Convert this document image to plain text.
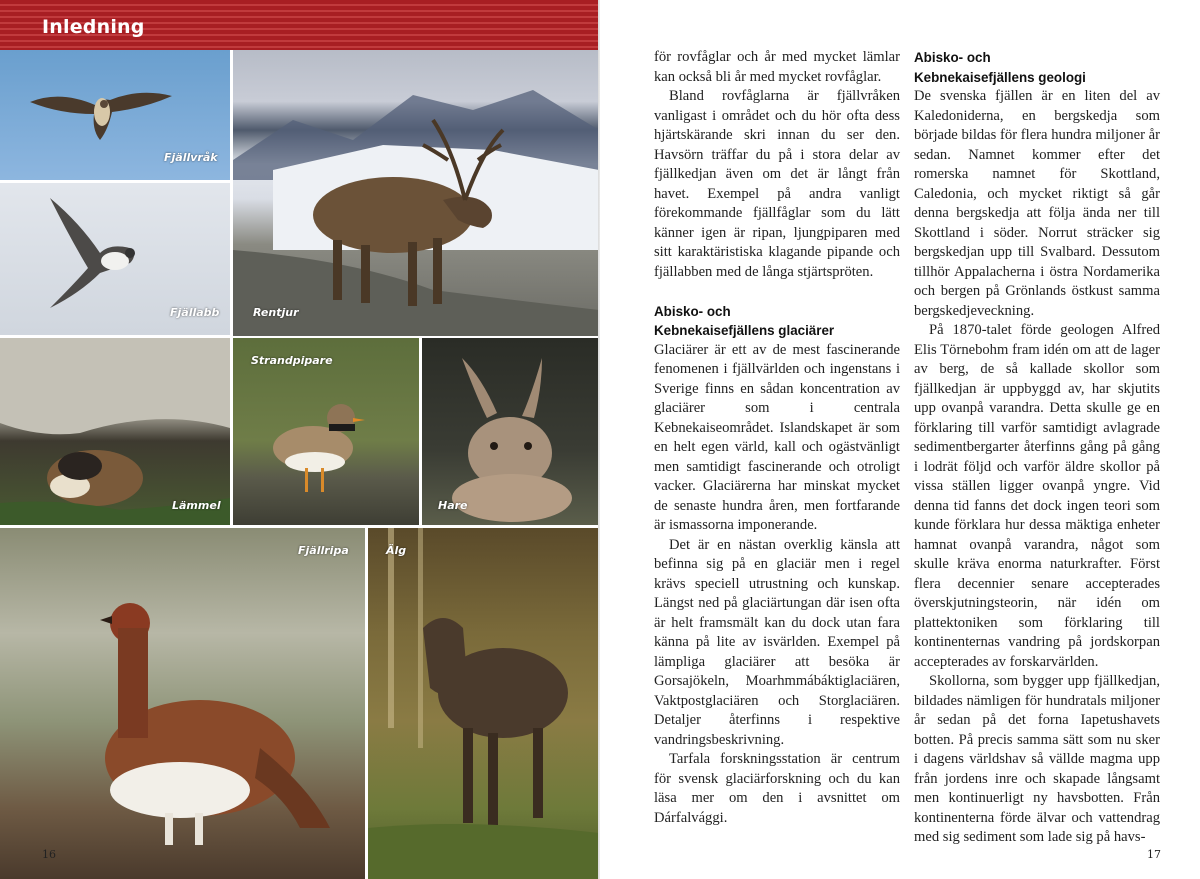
Inledning
Fjällvråk
Rentjur
Fjällabb
Lämmel
Strandpipare
Hare
Fjällripa
16
Älg

för rovfåglar och år med mycket lämlar kan också bli år med mycket rovfåglar.

Bland rovfåglarna är fjällvråken vanligast i området och du hör ofta dess hjärtskärande skri innan du ser den. Havsörn träffar du på i stora delar av fjällkedjan även om det är långt från havet. Exempel på andra vanligt förekommande fjällfåglar som du lätt känner igen är ripan, ljungpiparen med sitt karaktäristiska klagande pipande och fjällabben med de långa stjärtspröten.

Abisko- och
Kebnekaisefjällens glaciärer

Glaciärer är ett av de mest fascinerande fenomenen i fjällvärlden och ingenstans i Sverige finns en sådan koncentration av glaciärer som i centrala Kebnekaiseområdet. Islandskapet är som en helt egen värld, kall och ogästvänligt men samtidigt fascinerande och otroligt vacker. Glaciärerna har minskat mycket de senaste hundra åren, men fortfarande är ismassorna imponerande.

Det är en nästan overklig känsla att befinna sig på en glaciär men i regel krävs speciell utrustning och kunskap. Längst ned på glaciärtungan där isen ofta är helt framsmält kan du dock utan fara känna på lite av isvärlden. Exempel på lämpliga glaciärer att besöka är Gorsajökeln, Moarhmmábáktiglaciären, Vaktpostglaciären och Storglaciären. Detaljer återfinns i respektive vandringsbeskrivning.

Tarfala forskningsstation är centrum för svensk glaciärforskning och du kan läsa mer om den i avsnittet om Dárfalvággi.

Abisko- och
Kebnekaisefjällens geologi

De svenska fjällen är en liten del av Kaledoniderna, en bergskedja som började bildas för flera hundra miljoner år sedan. Namnet kommer efter det romerska namnet för Skottland, Caledonia, och mycket riktigt så går denna bergskedja att följa ända ner till Skottland i söder. Norrut sträcker sig bergskedjan upp till Svalbard. Dessutom tillhör Appalacherna i östra Nordamerika och bergen på Grönlands östkust samma bergskedjeveckning.

På 1870-talet förde geologen Alfred Elis Törnebohm fram idén om att de lager av berg, de så kallade skollor som fjällkedjan är uppbyggd av, har skjutits upp ovanpå varandra. Detta skulle ge en förklaring till varför samtidigt avlagrade sedimentbergarter återfinns gång på gång i lodrät följd och varför äldre skollor på vissa ställen ligger ovanpå yngre. Vid denna tid fanns det dock ingen teori som kunde förklara hur dessa mäktiga enheter hamnat ovanpå varandra, något som skulle kräva enorma naturkrafter. Först flera decennier senare accepterades överskjutningsteorin, när idén om plattektoniken som förklaring till kontinenternas vandring på jordskorpan accepterades av forskarvärlden.

Skollorna, som bygger upp fjällkedjan, bildades nämligen för hundratals miljoner år sedan på det forna Iapetushavets botten. På precis samma sätt som nu sker i dagens världshav så vällde magma upp från jordens inre och skapade långsamt men kontinuerligt ny havsbotten. Från kontinenterna förde älvar och vattendrag med sig sediment som lade sig på havs-

17
